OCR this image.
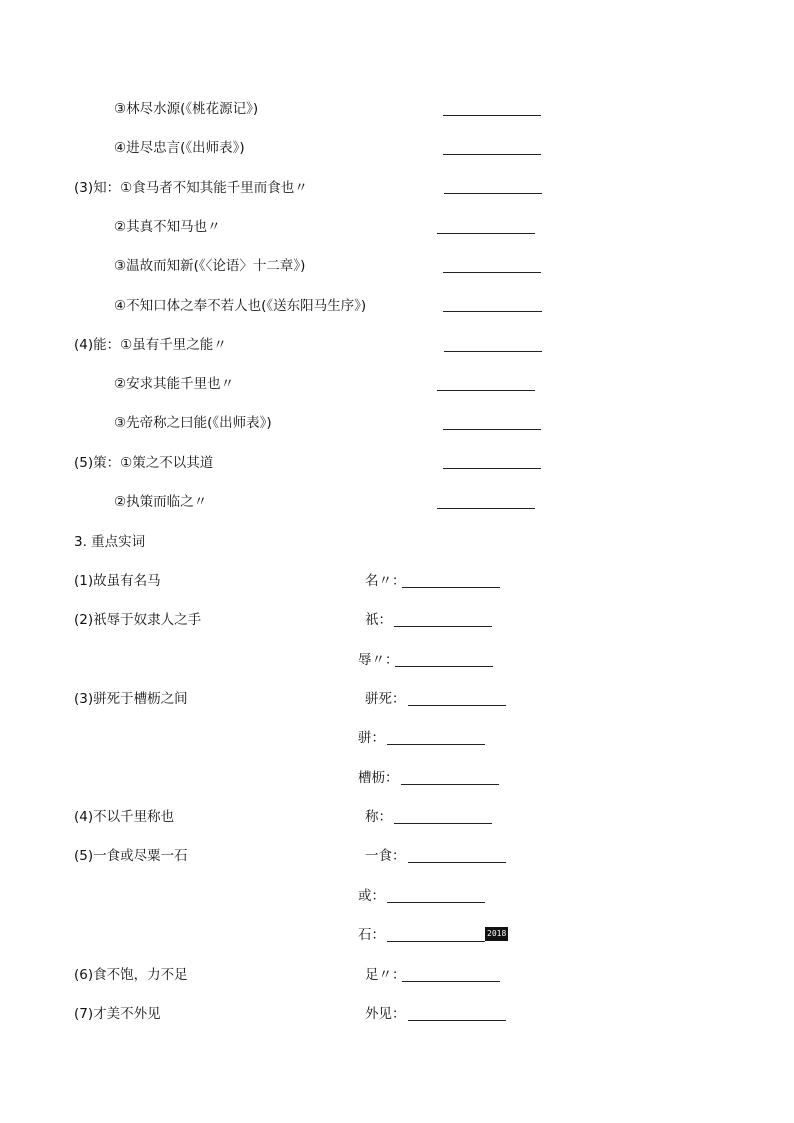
③林尽水源(《桃花源记》)
④进尽忠言(《出师表》)
(3)知：①食马者不知其能千里而食也〃
②其真不知马也〃
③温故而知新(《〈论语〉十二章》)
④不知口体之奉不若人也(《送东阳马生序》)
(4)能：①虽有千里之能〃
②安求其能千里也〃
③先帝称之曰能(《出师表》)
(5)策：①策之不以其道
②执策而临之〃
3. 重点实词
(1)故虽有名马	名〃：
(2)祇辱于奴隶人之手	祇：
辱〃：
(3)骈死于槽枥之间	骈死：
骈：
槽枥：
(4)不以千里称也	称：
(5)一食或尽粟一石	一食：
或：
石：	2018
(6)食不饱，力不足	足〃：
(7)才美不外见	外见：
